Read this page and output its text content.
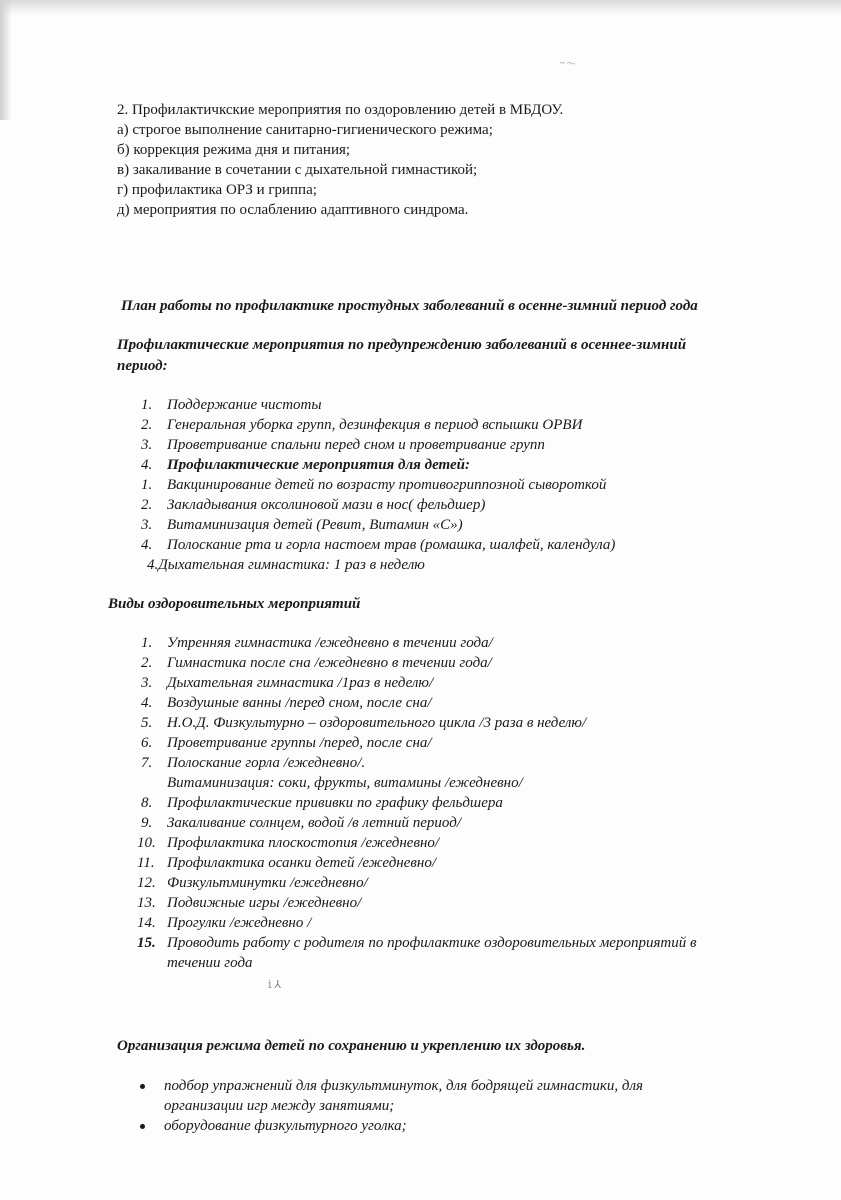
2. Профилактичкские мероприятия по оздоровлению детей в МБДОУ.
а) строгое выполнение санитарно-гигиенического режима;
б) коррекция режима дня и питания;
в) закаливание в сочетании с дыхательной гимнастикой;
г) профилактика ОРЗ и гриппа;
д) мероприятия по ослаблению адаптивного синдрома.
План работы по профилактике простудных заболеваний в осенне-зимний период года
Профилактические мероприятия по предупреждению заболеваний в осеннее-зимний
период:
1. Поддержание чистоты
2. Генеральная уборка групп, дезинфекция в период вспышки ОРВИ
3. Проветривание спальни перед сном и проветривание групп
4. Профилактические мероприятия для детей:
1. Вакцинирование детей по возрасту противогриппозной сывороткой
2. Закладывания оксолиновой мази в нос( фельдшер)
3. Витаминизация детей (Ревит, Витамин «С»)
4. Полоскание рта и горла настоем трав (ромашка, шалфей, календула)
4.Дыхательная гимнастика: 1 раз в неделю
Виды оздоровительных мероприятий
1. Утренняя гимнастика /ежедневно в течении года/
2. Гимнастика после сна /ежедневно в течении года/
3. Дыхательная гимнастика /1раз в неделю/
4. Воздушные ванны /перед сном, после сна/
5. Н.О.Д. Физкультурно – оздоровительного цикла /3 раза в неделю/
6. Проветривание группы /перед, после сна/
7. Полоскание горла /ежедневно/.
Витаминизация: соки, фрукты, витамины /ежедневно/
8. Профилактические прививки по графику фельдшера
9. Закаливание солнцем, водой /в летний период/
10. Профилактика плоскостопия /ежедневно/
11. Профилактика осанки детей /ежедневно/
12. Физкультминутки /ежедневно/
13. Подвижные игры /ежедневно/
14. Прогулки /ежедневно /
15. Проводить работу с родителя по профилактике оздоровительных мероприятий в
течении года
ⅰ ⅄
~ ~-
Организация режима детей по сохранению и укреплению их здоровья.
подбор упражнений для физкультминуток, для бодрящей гимнастики, для
организации игр между занятиями;
оборудование физкультурного уголка;
